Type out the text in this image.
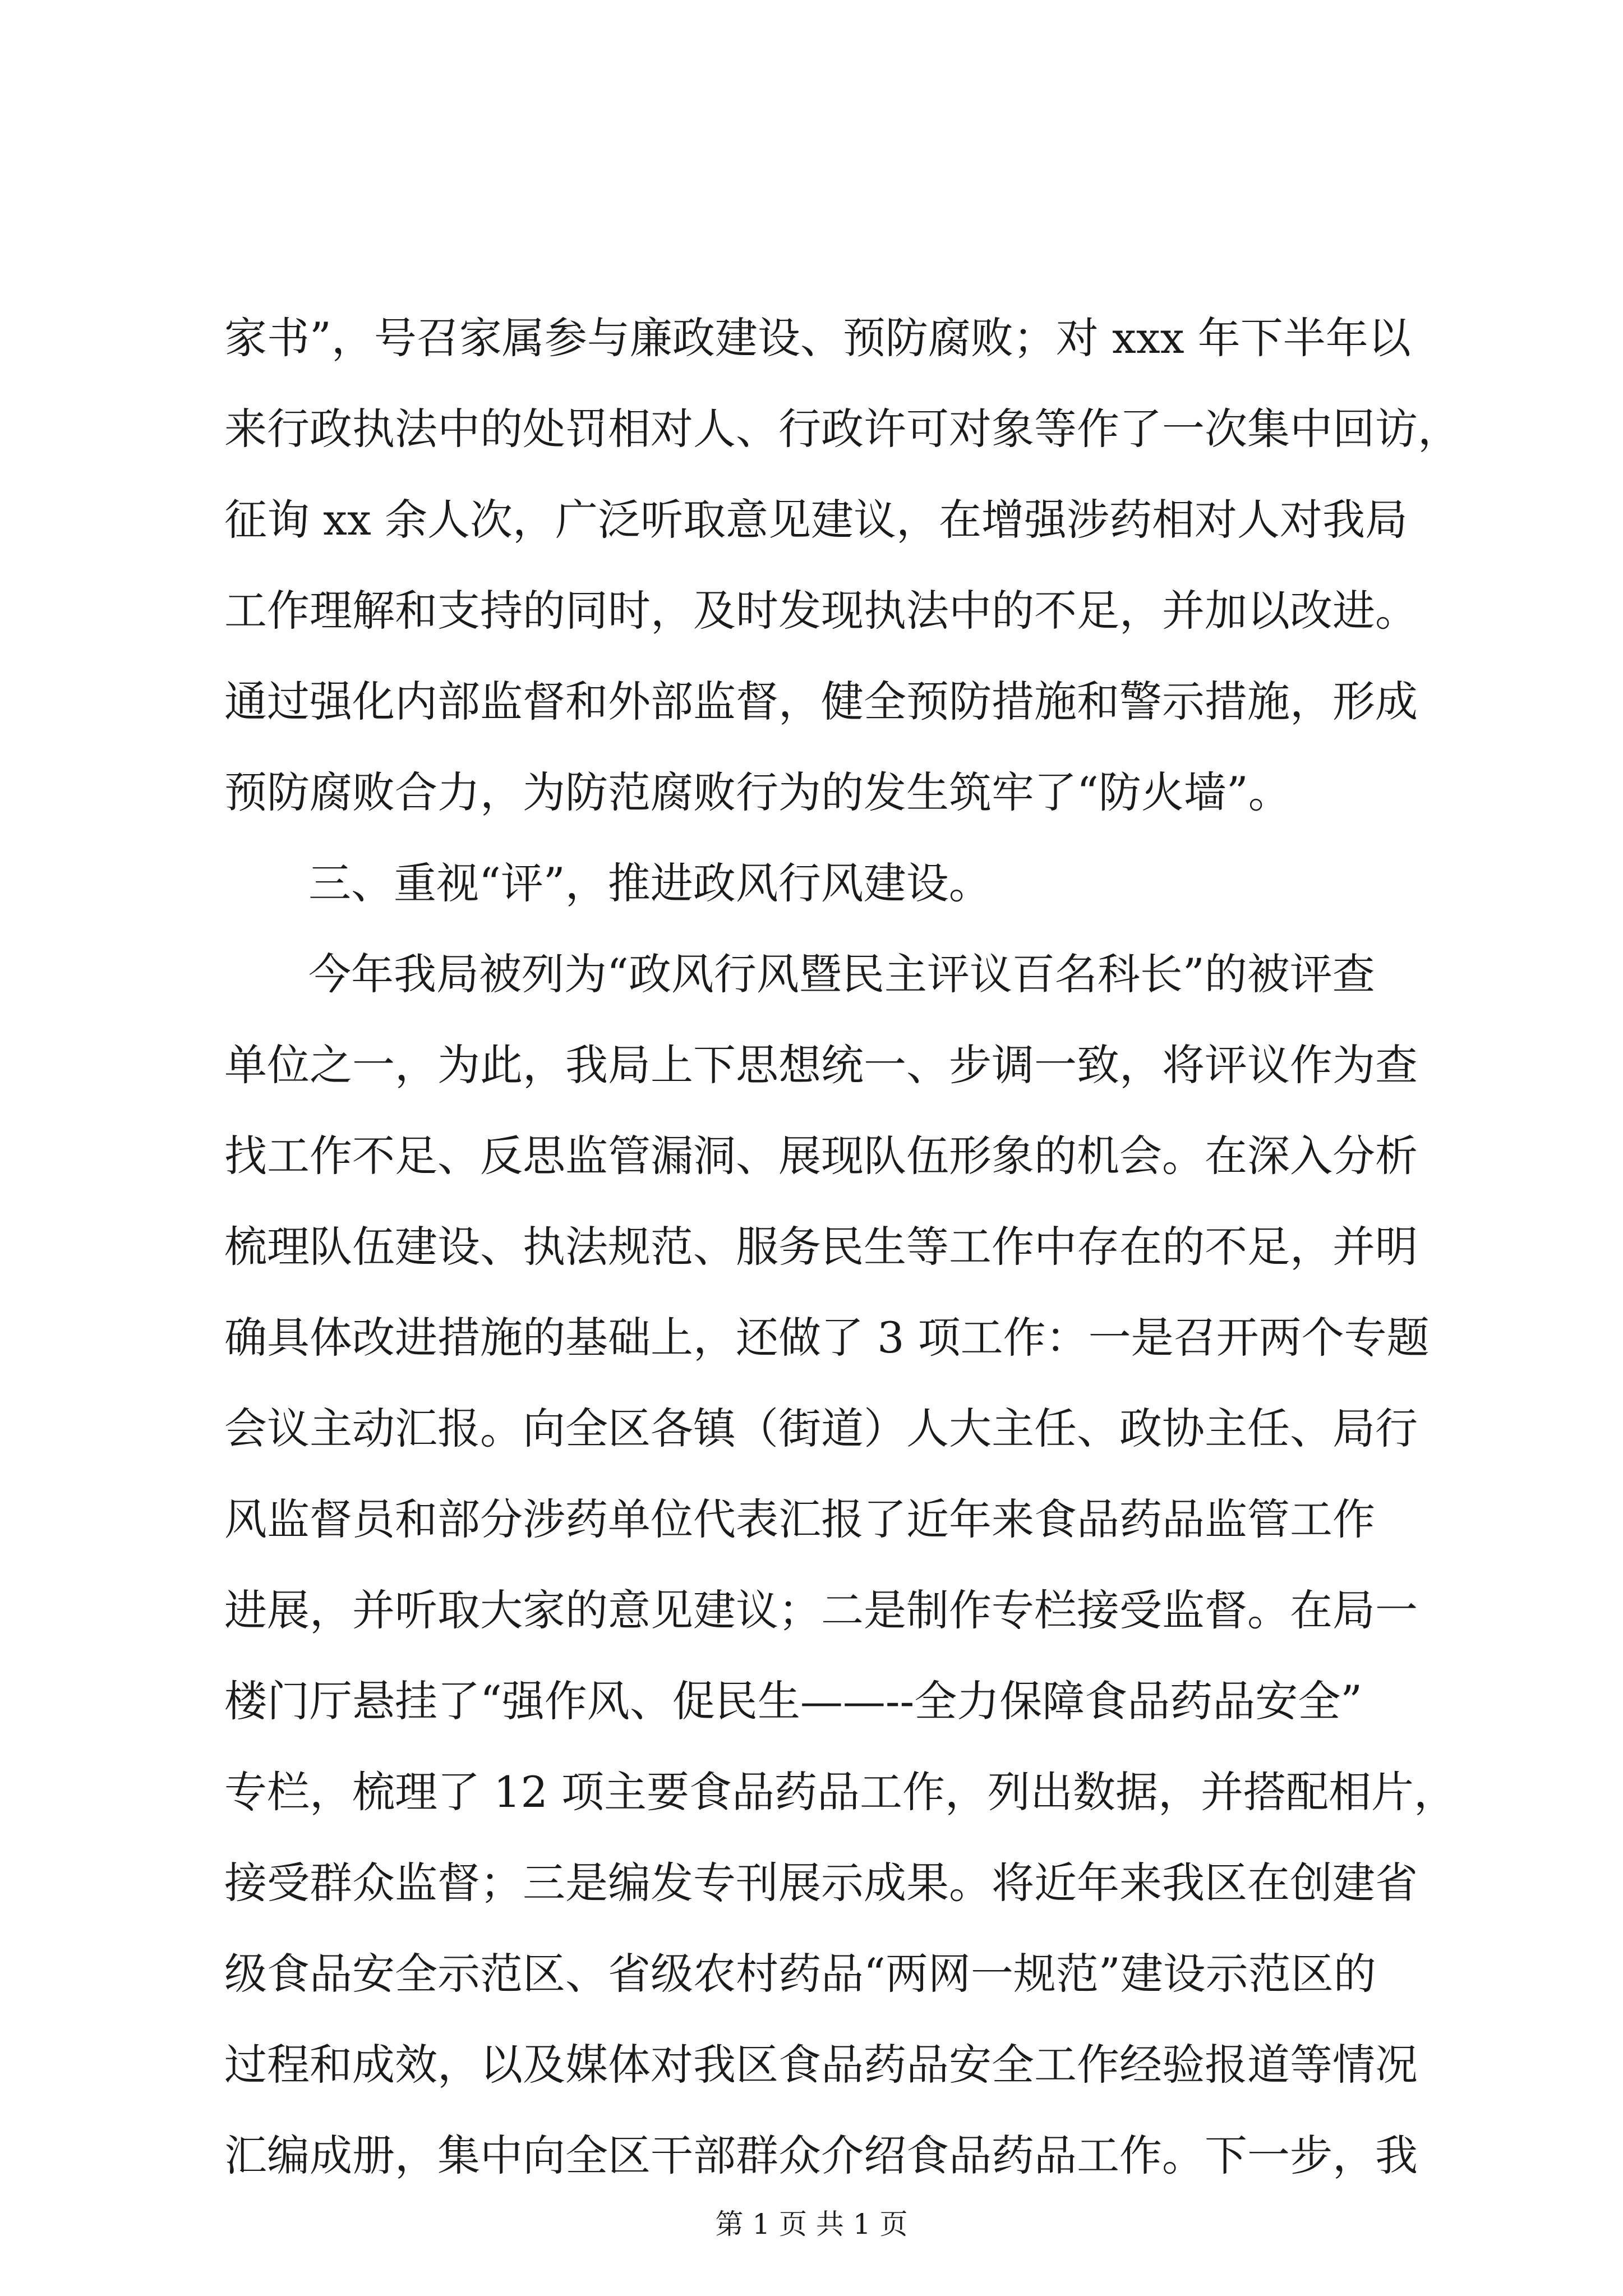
家书”，号召家属参与廉政建设、预防腐败；对 xxx 年下半年以
来行政执法中的处罚相对人、行政许可对象等作了一次集中回访，
征询 xx 余人次，广泛听取意见建议，在增强涉药相对人对我局
工作理解和支持的同时，及时发现执法中的不足，并加以改进。
通过强化内部监督和外部监督，健全预防措施和警示措施，形成
预防腐败合力，为防范腐败行为的发生筑牢了“防火墙”。
三、重视“评”，推进政风行风建设。
今年我局被列为“政风行风暨民主评议百名科长”的被评查
单位之一，为此，我局上下思想统一、步调一致，将评议作为查
找工作不足、反思监管漏洞、展现队伍形象的机会。在深入分析
梳理队伍建设、执法规范、服务民生等工作中存在的不足，并明
确具体改进措施的基础上，还做了 3 项工作：一是召开两个专题
会议主动汇报。向全区各镇（街道）人大主任、政协主任、局行
风监督员和部分涉药单位代表汇报了近年来食品药品监管工作
进展，并听取大家的意见建议；二是制作专栏接受监督。在局一
楼门厅悬挂了“强作风、促民生——--全力保障食品药品安全”
专栏，梳理了 12 项主要食品药品工作，列出数据，并搭配相片，
接受群众监督；三是编发专刊展示成果。将近年来我区在创建省
级食品安全示范区、省级农村药品“两网一规范”建设示范区的
过程和成效，以及媒体对我区食品药品安全工作经验报道等情况
汇编成册，集中向全区干部群众介绍食品药品工作。下一步，我
第 1 页 共 1 页
